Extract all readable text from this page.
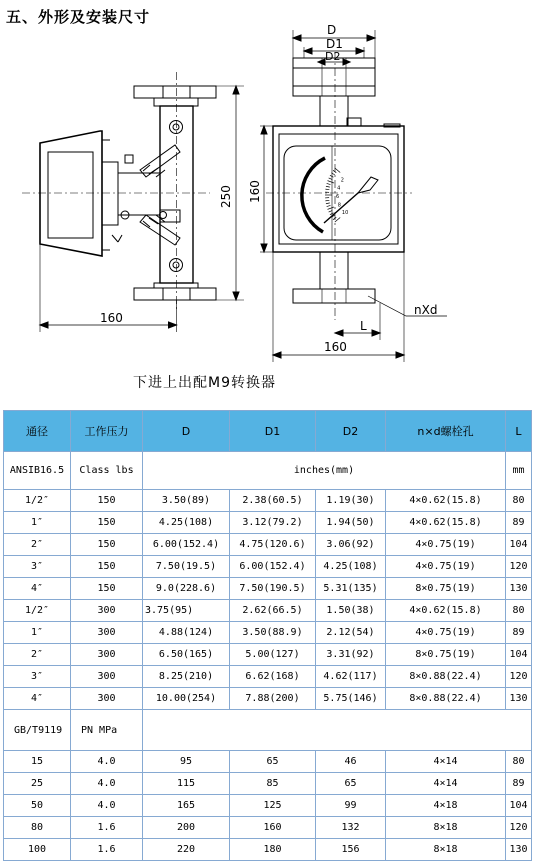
五、外形及安装尺寸
10
8
6
4
2
D
D1
D2
250 160
160
L
nXd
160

下进上出配M9转换器

通径	工作压力	D	D1	D2	n×d螺栓孔	L
ANSIB16.5	Class lbs	inches(mm)				mm
1/2″	150	3.50(89)	2.38(60.5)	1.19(30)	4×0.62(15.8)	80
1″	150	4.25(108)	3.12(79.2)	1.94(50)	4×0.62(15.8)	89
2″	150	6.00(152.4)	4.75(120.6)	3.06(92)	4×0.75(19)	104
3″	150	7.50(19.5)	6.00(152.4)	4.25(108)	4×0.75(19)	120
4″	150	9.0(228.6)	7.50(190.5)	5.31(135)	8×0.75(19)	130
1/2″	300	3.75(95)	2.62(66.5)	1.50(38)	4×0.62(15.8)	80
1″	300	4.88(124)	3.50(88.9)	2.12(54)	4×0.75(19)	89
2″	300	6.50(165)	5.00(127)	3.31(92)	8×0.75(19)	104
3″	300	8.25(210)	6.62(168)	4.62(117)	8×0.88(22.4)	120
4″	300	10.00(254)	7.88(200)	5.75(146)	8×0.88(22.4)	130
GB/T9119	PN MPa					
15	4.0	95	65	46	4×14	80
25	4.0	115	85	65	4×14	89
50	4.0	165	125	99	4×18	104
80	1.6	200	160	132	8×18	120
100	1.6	220	180	156	8×18	130
